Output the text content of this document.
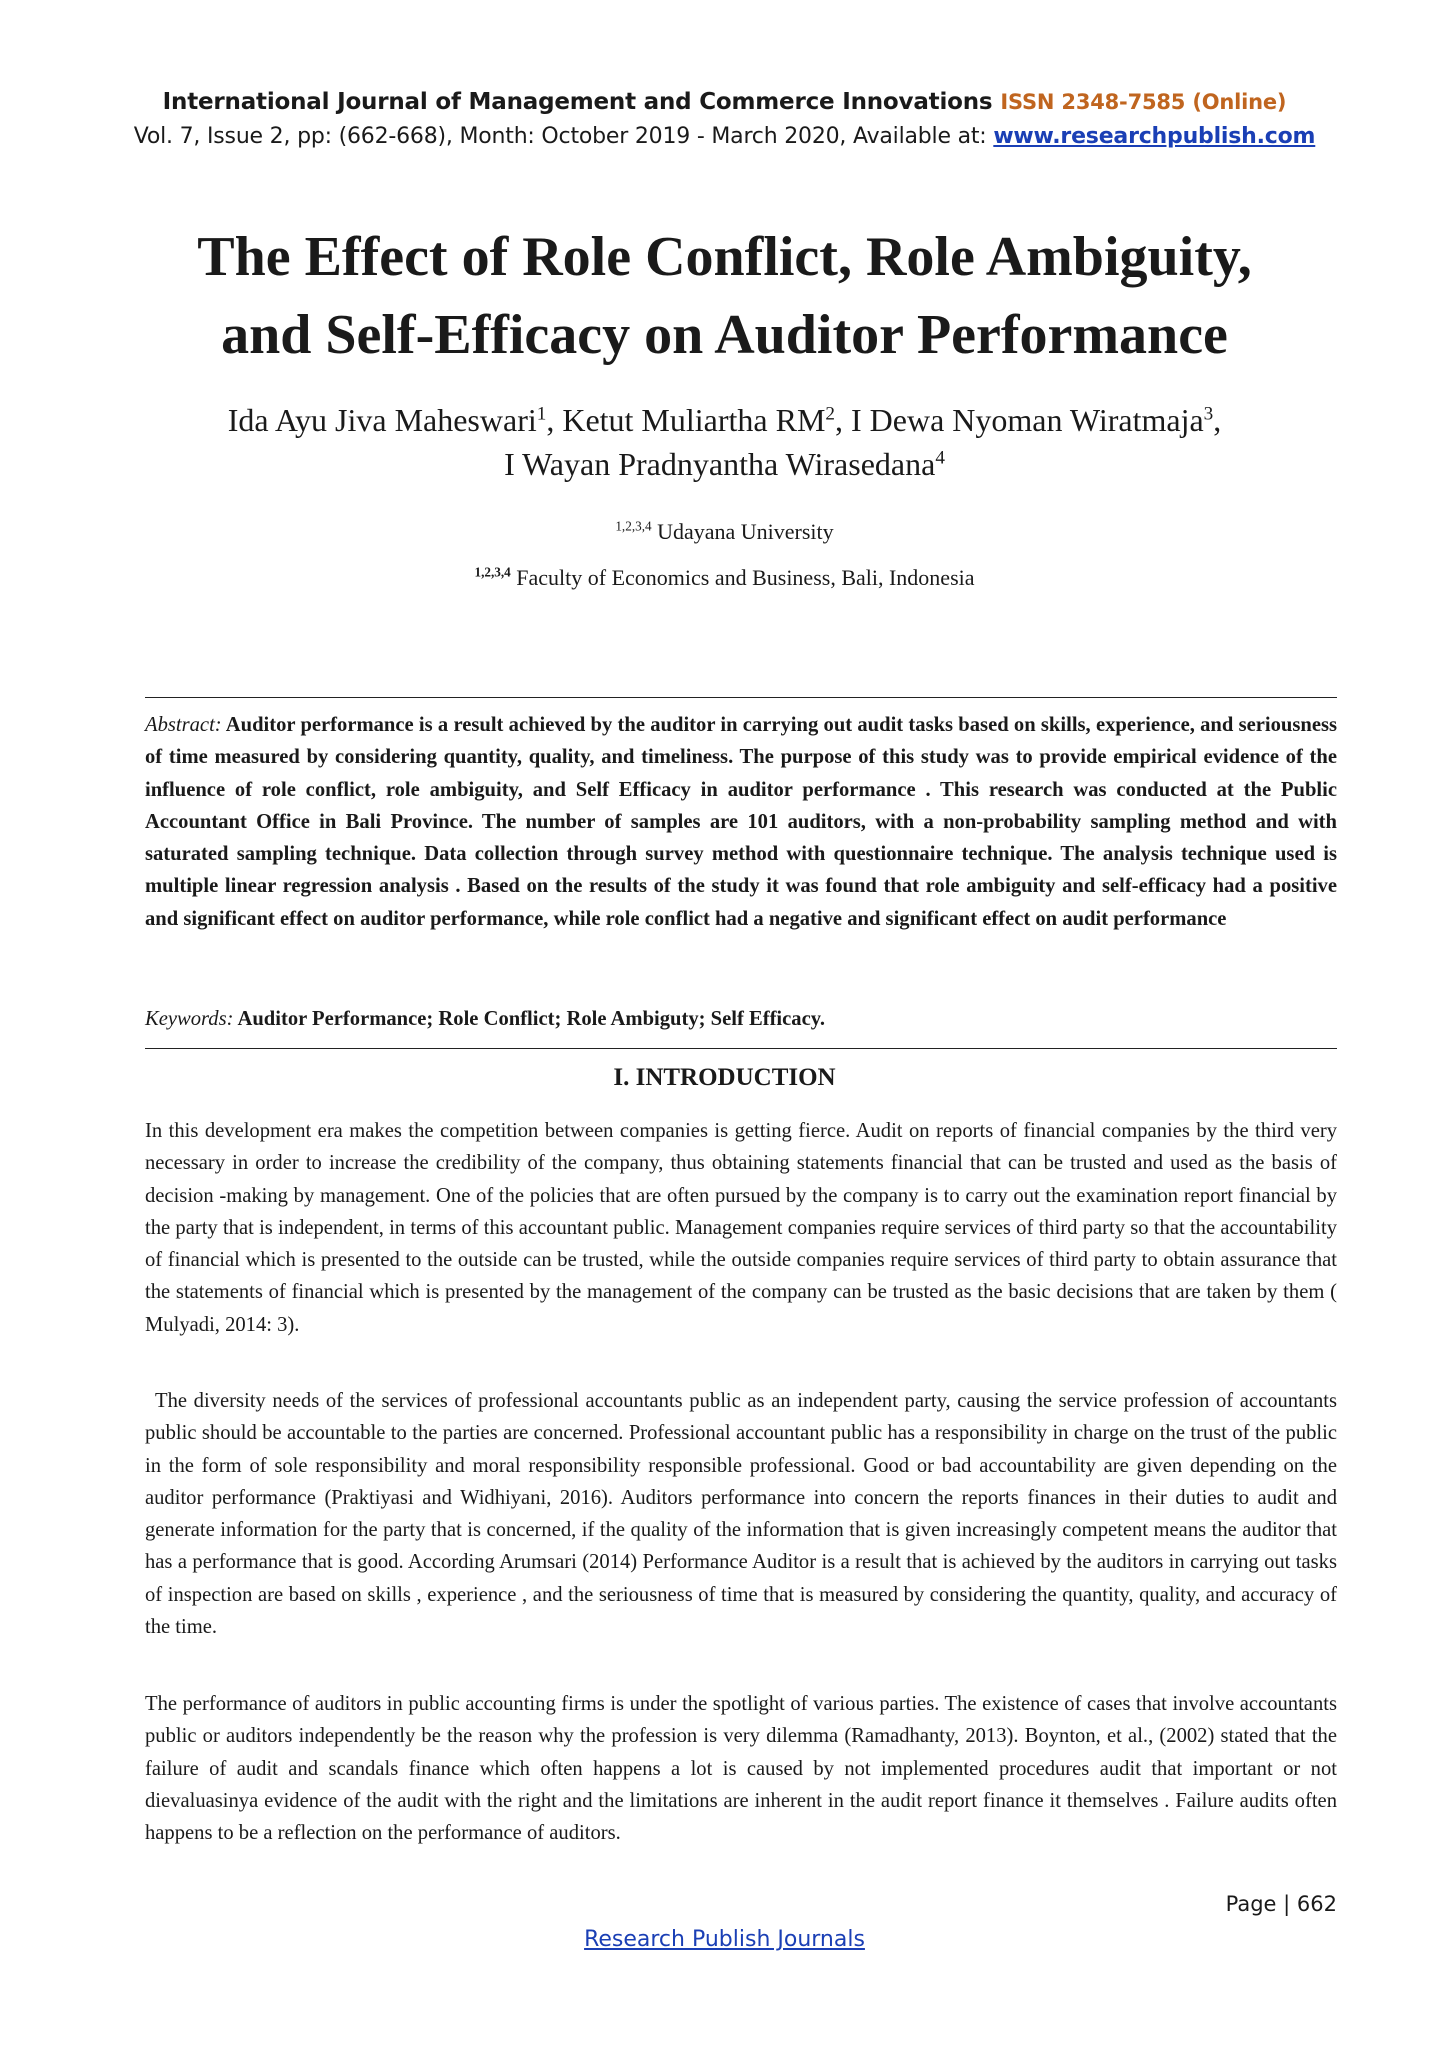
International Journal of Management and Commerce Innovations ISSN 2348-7585 (Online)
Vol. 7, Issue 2, pp: (662-668), Month: October 2019 - March 2020, Available at: www.researchpublish.com
The Effect of Role Conflict, Role Ambiguity,
and Self-Efficacy on Auditor Performance
Ida Ayu Jiva Maheswari$^1$, Ketut Muliartha $RM^2$, I Dewa Nyoman Wiratmaja$^3$,
I Wayan Pradnyantha Wirasedana$^4$
$^{1,2,3,4}$ Udayana University
$^{1,2,3,4}$ Faculty of Economics and Business, Bali, Indonesia
Abstract: Auditor performance is a result achieved by the auditor in carrying out audit tasks based on skills, experience, and seriousness of time measured by considering quantity, quality, and timeliness. The purpose of this study was to provide empirical evidence of the influence of role conflict, role ambiguity, and Self Efficacy in auditor performance . This research was conducted at the Public Accountant Office in Bali Province. The number of samples are 101 auditors, with a non-probability sampling method and with saturated sampling technique. Data collection through survey method with questionnaire technique. The analysis technique used is multiple linear regression analysis . Based on the results of the study it was found that role ambiguity and self-efficacy had a positive and significant effect on auditor performance, while role conflict had a negative and significant effect on audit performance
Keywords: Auditor Performance; Role Conflict; Role Ambiguty; Self Efficacy.
I. INTRODUCTION
In this development era makes the competition between companies is getting fierce. Audit on reports of financial companies by the third very necessary in order to increase the credibility of the company, thus obtaining statements financial that can be trusted and used as the basis of decision -making by management. One of the policies that are often pursued by the company is to carry out the examination report financial by the party that is independent, in terms of this accountant public. Management companies require services of third party so that the accountability of financial which is presented to the outside can be trusted, while the outside companies require services of third party to obtain assurance that the statements of financial which is presented by the management of the company can be trusted as the basic decisions that are taken by them ( Mulyadi, 2014: 3).
The diversity needs of the services of professional accountants public as an independent party, causing the service profession of accountants public should be accountable to the parties are concerned. Professional accountant public has a responsibility in charge on the trust of the public in the form of sole responsibility and moral responsibility responsible professional. Good or bad accountability are given depending on the auditor performance (Praktiyasi and Widhiyani, 2016). Auditors performance into concern the reports finances in their duties to audit and generate information for the party that is concerned, if the quality of the information that is given increasingly competent means the auditor that has a performance that is good. According Arumsari (2014) Performance Auditor is a result that is achieved by the auditors in carrying out tasks of inspection are based on skills , experience , and the seriousness of time that is measured by considering the quantity, quality, and accuracy of the time.
The performance of auditors in public accounting firms is under the spotlight of various parties. The existence of cases that involve accountants public or auditors independently be the reason why the profession is very dilemma (Ramadhanty, 2013). Boynton, et al., (2002) stated that the failure of audit and scandals finance which often happens a lot is caused by not implemented procedures audit that important or not dievaluasinya evidence of the audit with the right and the limitations are inherent in the audit report finance it themselves . Failure audits often happens to be a reflection on the performance of auditors.
Page | 662
Research Publish Journals
